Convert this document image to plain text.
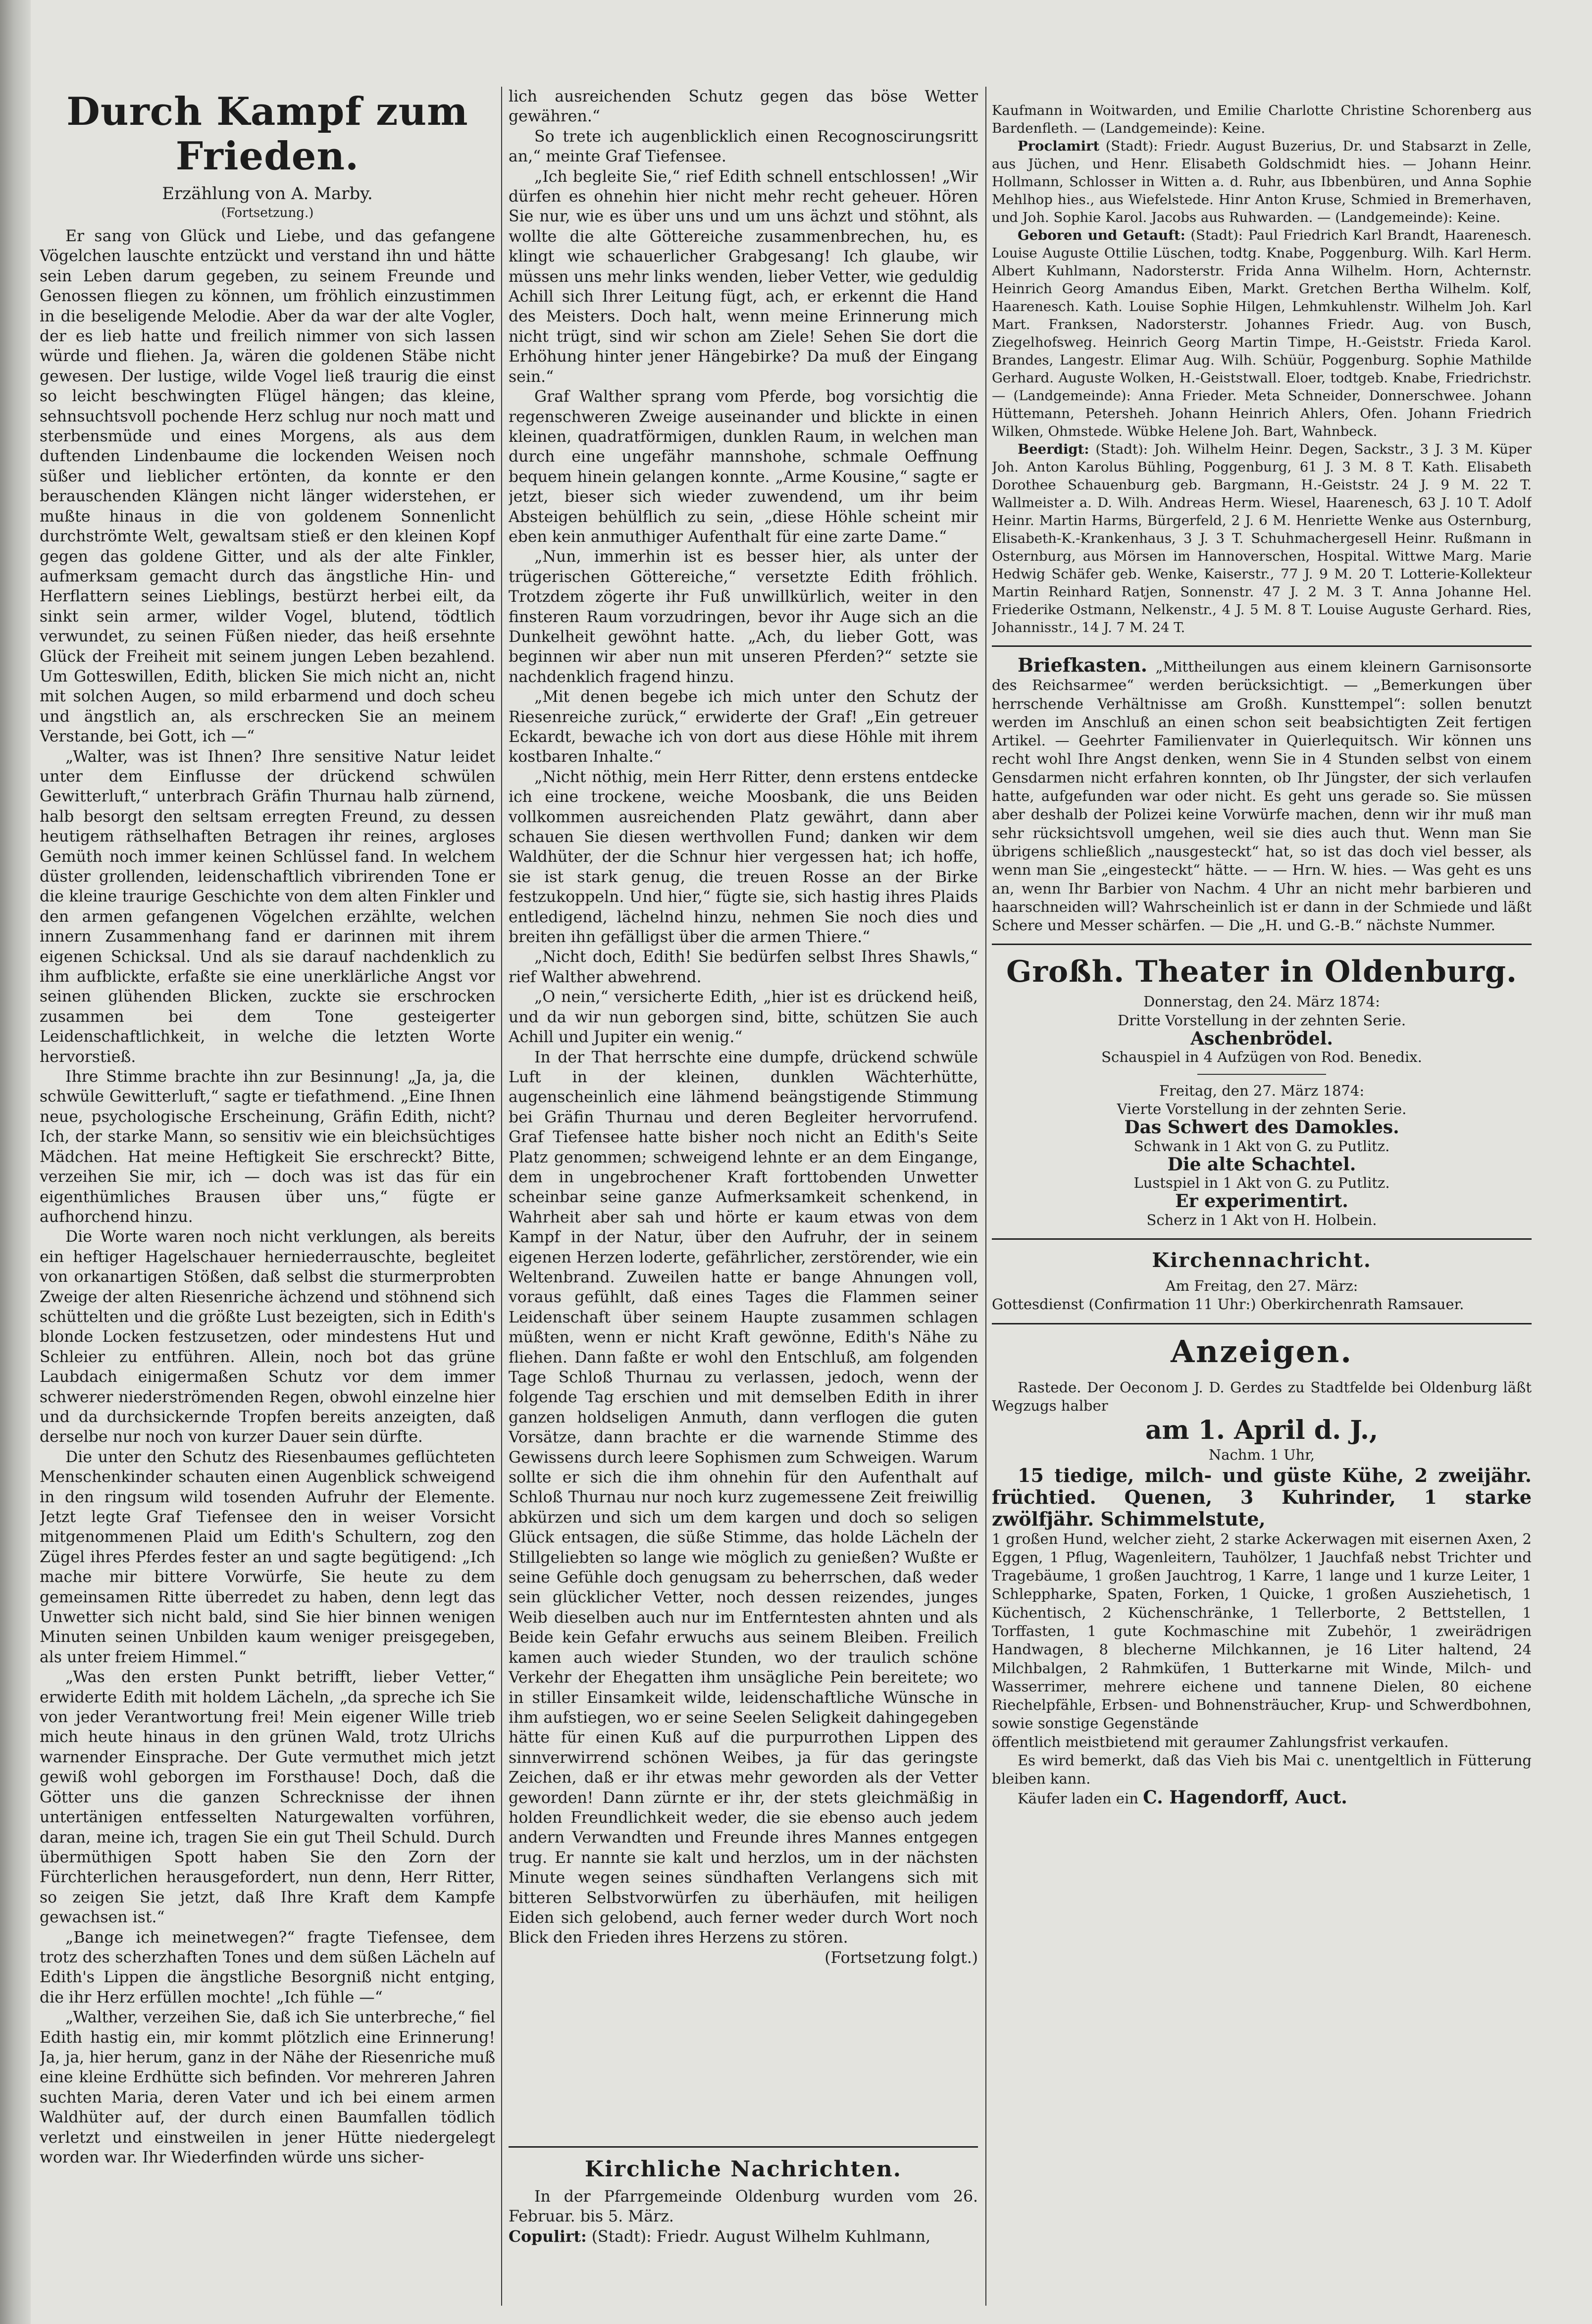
Durch Kampf zum Frieden.
Erzählung von A. Marby.
(Fortsetzung.)

Er sang von Glück und Liebe, und das gefangene Vögelchen lauschte entzückt und verstand ihn und hätte sein Leben darum gegeben, zu seinem Freunde und Genossen fliegen zu können, um fröhlich einzustimmen in die beseligende Melodie. Aber da war der alte Vogler, der es lieb hatte und freilich nimmer von sich lassen würde und fliehen. Ja, wären die goldenen Stäbe nicht gewesen. Der lustige, wilde Vogel ließ traurig die einst so leicht beschwingten Flügel hängen; das kleine, sehnsuchtsvoll pochende Herz schlug nur noch matt und sterbensmüde und eines Morgens, als aus dem duftenden Lindenbaume die lockenden Weisen noch süßer und lieblicher ertönten, da konnte er den berauschenden Klängen nicht länger widerstehen, er mußte hinaus in die von goldenem Sonnenlicht durchströmte Welt, gewaltsam stieß er den kleinen Kopf gegen das goldene Gitter, und als der alte Finkler, aufmerksam gemacht durch das ängstliche Hin- und Herflattern seines Lieblings, bestürzt herbei eilt, da sinkt sein armer, wilder Vogel, blutend, tödtlich verwundet, zu seinen Füßen nieder, das heiß ersehnte Glück der Freiheit mit seinem jungen Leben bezahlend. Um Gotteswillen, Edith, blicken Sie mich nicht an, nicht mit solchen Augen, so mild erbarmend und doch scheu und ängstlich an, als erschrecken Sie an meinem Verstande, bei Gott, ich —“

„Walter, was ist Ihnen? Ihre sensitive Natur leidet unter dem Einflusse der drückend schwülen Gewitterluft,“ unterbrach Gräfin Thurnau halb zürnend, halb besorgt den seltsam erregten Freund, zu dessen heutigem räthselhaften Betragen ihr reines, argloses Gemüth noch immer keinen Schlüssel fand. In welchem düster grollenden, leidenschaftlich vibrirenden Tone er die kleine traurige Geschichte von dem alten Finkler und den armen gefangenen Vögelchen erzählte, welchen innern Zusammenhang fand er darinnen mit ihrem eigenen Schicksal. Und als sie darauf nachdenklich zu ihm aufblickte, erfaßte sie eine unerklärliche Angst vor seinen glühenden Blicken, zuckte sie erschrocken zusammen bei dem Tone gesteigerter Leidenschaftlichkeit, in welche die letzten Worte hervorstieß.

Ihre Stimme brachte ihn zur Besinnung! „Ja, ja, die schwüle Gewitterluft,“ sagte er tiefathmend. „Eine Ihnen neue, psychologische Erscheinung, Gräfin Edith, nicht? Ich, der starke Mann, so sensitiv wie ein bleichsüchtiges Mädchen. Hat meine Heftigkeit Sie erschreckt? Bitte, verzeihen Sie mir, ich — doch was ist das für ein eigenthümliches Brausen über uns,“ fügte er aufhorchend hinzu.

Die Worte waren noch nicht verklungen, als bereits ein heftiger Hagelschauer herniederrauschte, begleitet von orkanartigen Stößen, daß selbst die sturmerprobten Zweige der alten Riesenriche ächzend und stöhnend sich schüttelten und die größte Lust bezeigten, sich in Edith's blonde Locken festzusetzen, oder mindestens Hut und Schleier zu entführen. Allein, noch bot das grüne Laubdach einigermaßen Schutz vor dem immer schwerer niederströmenden Regen, obwohl einzelne hier und da durchsickernde Tropfen bereits anzeigten, daß derselbe nur noch von kurzer Dauer sein dürfte.

Die unter den Schutz des Riesenbaumes geflüchteten Menschenkinder schauten einen Augenblick schweigend in den ringsum wild tosenden Aufruhr der Elemente. Jetzt legte Graf Tiefensee den in weiser Vorsicht mitgenommenen Plaid um Edith's Schultern, zog den Zügel ihres Pferdes fester an und sagte begütigend: „Ich mache mir bittere Vorwürfe, Sie heute zu dem gemeinsamen Ritte überredet zu haben, denn legt das Unwetter sich nicht bald, sind Sie hier binnen wenigen Minuten seinen Unbilden kaum weniger preisgegeben, als unter freiem Himmel.“

„Was den ersten Punkt betrifft, lieber Vetter,“ erwiderte Edith mit holdem Lächeln, „da spreche ich Sie von jeder Verantwortung frei! Mein eigener Wille trieb mich heute hinaus in den grünen Wald, trotz Ulrichs warnender Einsprache. Der Gute vermuthet mich jetzt gewiß wohl geborgen im Forsthause! Doch, daß die Götter uns die ganzen Schrecknisse der ihnen untertänigen entfesselten Naturgewalten vorführen, daran, meine ich, tragen Sie ein gut Theil Schuld. Durch übermüthigen Spott haben Sie den Zorn der Fürchterlichen herausgefordert, nun denn, Herr Ritter, so zeigen Sie jetzt, daß Ihre Kraft dem Kampfe gewachsen ist.“

„Bange ich meinetwegen?“ fragte Tiefensee, dem trotz des scherzhaften Tones und dem süßen Lächeln auf Edith's Lippen die ängstliche Besorgniß nicht entging, die ihr Herz erfüllen mochte! „Ich fühle —“

„Walther, verzeihen Sie, daß ich Sie unterbreche,“ fiel Edith hastig ein, mir kommt plötzlich eine Erinnerung! Ja, ja, hier herum, ganz in der Nähe der Riesenriche muß eine kleine Erdhütte sich befinden. Vor mehreren Jahren suchten Maria, deren Vater und ich bei einem armen Waldhüter auf, der durch einen Baumfallen tödlich verletzt und einstweilen in jener Hütte niedergelegt worden war. Ihr Wiederfinden würde uns sicher-

lich ausreichenden Schutz gegen das böse Wetter gewähren.“

So trete ich augenblicklich einen Recognoscirungsritt an,“ meinte Graf Tiefensee.

„Ich begleite Sie,“ rief Edith schnell entschlossen! „Wir dürfen es ohnehin hier nicht mehr recht geheuer. Hören Sie nur, wie es über uns und um uns ächzt und stöhnt, als wollte die alte Göttereiche zusammenbrechen, hu, es klingt wie schauerlicher Grabgesang! Ich glaube, wir müssen uns mehr links wenden, lieber Vetter, wie geduldig Achill sich Ihrer Leitung fügt, ach, er erkennt die Hand des Meisters. Doch halt, wenn meine Erinnerung mich nicht trügt, sind wir schon am Ziele! Sehen Sie dort die Erhöhung hinter jener Hängebirke? Da muß der Eingang sein.“

Graf Walther sprang vom Pferde, bog vorsichtig die regenschweren Zweige auseinander und blickte in einen kleinen, quadratförmigen, dunklen Raum, in welchen man durch eine ungefähr mannshohe, schmale Oeffnung bequem hinein gelangen konnte. „Arme Kousine,“ sagte er jetzt, bieser sich wieder zuwendend, um ihr beim Absteigen behülflich zu sein, „diese Höhle scheint mir eben kein anmuthiger Aufenthalt für eine zarte Dame.“

„Nun, immerhin ist es besser hier, als unter der trügerischen Göttereiche,“ versetzte Edith fröhlich. Trotzdem zögerte ihr Fuß unwillkürlich, weiter in den finsteren Raum vorzudringen, bevor ihr Auge sich an die Dunkelheit gewöhnt hatte. „Ach, du lieber Gott, was beginnen wir aber nun mit unseren Pferden?“ setzte sie nachdenklich fragend hinzu.

„Mit denen begebe ich mich unter den Schutz der Riesenreiche zurück,“ erwiderte der Graf! „Ein getreuer Eckardt, bewache ich von dort aus diese Höhle mit ihrem kostbaren Inhalte.“

„Nicht nöthig, mein Herr Ritter, denn erstens entdecke ich eine trockene, weiche Moosbank, die uns Beiden vollkommen ausreichenden Platz gewährt, dann aber schauen Sie diesen werthvollen Fund; danken wir dem Waldhüter, der die Schnur hier vergessen hat; ich hoffe, sie ist stark genug, die treuen Rosse an der Birke festzukoppeln. Und hier,“ fügte sie, sich hastig ihres Plaids entledigend, lächelnd hinzu, nehmen Sie noch dies und breiten ihn gefälligst über die armen Thiere.“

„Nicht doch, Edith! Sie bedürfen selbst Ihres Shawls,“ rief Walther abwehrend.

„O nein,“ versicherte Edith, „hier ist es drückend heiß, und da wir nun geborgen sind, bitte, schützen Sie auch Achill und Jupiter ein wenig.“

In der That herrschte eine dumpfe, drückend schwüle Luft in der kleinen, dunklen Wächterhütte, augenscheinlich eine lähmend beängstigende Stimmung bei Gräfin Thurnau und deren Begleiter hervorrufend. Graf Tiefensee hatte bisher noch nicht an Edith's Seite Platz genommen; schweigend lehnte er an dem Eingange, dem in ungebrochener Kraft forttobenden Unwetter scheinbar seine ganze Aufmerksamkeit schenkend, in Wahrheit aber sah und hörte er kaum etwas von dem Kampf in der Natur, über den Aufruhr, der in seinem eigenen Herzen loderte, gefährlicher, zerstörender, wie ein Weltenbrand. Zuweilen hatte er bange Ahnungen voll, voraus gefühlt, daß eines Tages die Flammen seiner Leidenschaft über seinem Haupte zusammen schlagen müßten, wenn er nicht Kraft gewönne, Edith's Nähe zu fliehen. Dann faßte er wohl den Entschluß, am folgenden Tage Schloß Thurnau zu verlassen, jedoch, wenn der folgende Tag erschien und mit demselben Edith in ihrer ganzen holdseligen Anmuth, dann verflogen die guten Vorsätze, dann brachte er die warnende Stimme des Gewissens durch leere Sophismen zum Schweigen. Warum sollte er sich die ihm ohnehin für den Aufenthalt auf Schloß Thurnau nur noch kurz zugemessene Zeit freiwillig abkürzen und sich um dem kargen und doch so seligen Glück entsagen, die süße Stimme, das holde Lächeln der Stillgeliebten so lange wie möglich zu genießen? Wußte er seine Gefühle doch genugsam zu beherrschen, daß weder sein glücklicher Vetter, noch dessen reizendes, junges Weib dieselben auch nur im Entferntesten ahnten und als Beide kein Gefahr erwuchs aus seinem Bleiben. Freilich kamen auch wieder Stunden, wo der traulich schöne Verkehr der Ehegatten ihm unsägliche Pein bereitete; wo in stiller Einsamkeit wilde, leidenschaftliche Wünsche in ihm aufstiegen, wo er seine Seelen Seligkeit dahingegeben hätte für einen Kuß auf die purpurrothen Lippen des sinnverwirrend schönen Weibes, ja für das geringste Zeichen, daß er ihr etwas mehr geworden als der Vetter geworden! Dann zürnte er ihr, der stets gleichmäßig in holden Freundlichkeit weder, die sie ebenso auch jedem andern Verwandten und Freunde ihres Mannes entgegen trug. Er nannte sie kalt und herzlos, um in der nächsten Minute wegen seines sündhaften Verlangens sich mit bitteren Selbstvorwürfen zu überhäufen, mit heiligen Eiden sich gelobend, auch ferner weder durch Wort noch Blick den Frieden ihres Herzens zu stören.

(Fortsetzung folgt.)

Kirchliche Nachrichten.

In der Pfarrgemeinde Oldenburg wurden vom 26. Februar. bis 5. März.

Copulirt: (Stadt): Friedr. August Wilhelm Kuhlmann,

Kaufmann in Woitwarden, und Emilie Charlotte Christine Schorenberg aus Bardenfleth. — (Landgemeinde): Keine.

Proclamirt (Stadt): Friedr. August Buzerius, Dr. und Stabsarzt in Zelle, aus Jüchen, und Henr. Elisabeth Goldschmidt hies. — Johann Heinr. Hollmann, Schlosser in Witten a. d. Ruhr, aus Ibbenbüren, und Anna Sophie Mehlhop hies., aus Wiefelstede. Hinr Anton Kruse, Schmied in Bremerhaven, und Joh. Sophie Karol. Jacobs aus Ruhwarden. — (Landgemeinde): Keine.

Geboren und Getauft: (Stadt): Paul Friedrich Karl Brandt, Haarenesch. Louise Auguste Ottilie Lüschen, todtg. Knabe, Poggenburg. Wilh. Karl Herm. Albert Kuhlmann, Nadorsterstr. Frida Anna Wilhelm. Horn, Achternstr. Heinrich Georg Amandus Eiben, Markt. Gretchen Bertha Wilhelm. Kolf, Haarenesch. Kath. Louise Sophie Hilgen, Lehmkuhlenstr. Wilhelm Joh. Karl Mart. Franksen, Nadorsterstr. Johannes Friedr. Aug. von Busch, Ziegelhofsweg. Heinrich Georg Martin Timpe, H.-Geiststr. Frieda Karol. Brandes, Langestr. Elimar Aug. Wilh. Schüür, Poggenburg. Sophie Mathilde Gerhard. Auguste Wolken, H.-Geiststwall. Eloer, todtgeb. Knabe, Friedrichstr. — (Landgemeinde): Anna Frieder. Meta Schneider, Donnerschwee. Johann Hüttemann, Petersheh. Johann Heinrich Ahlers, Ofen. Johann Friedrich Wilken, Ohmstede. Wübke Helene Joh. Bart, Wahnbeck.

Beerdigt: (Stadt): Joh. Wilhelm Heinr. Degen, Sackstr., 3 J. 3 M. Küper Joh. Anton Karolus Bühling, Poggenburg, 61 J. 3 M. 8 T. Kath. Elisabeth Dorothee Schauenburg geb. Bargmann, H.-Geiststr. 24 J. 9 M. 22 T. Wallmeister a. D. Wilh. Andreas Herm. Wiesel, Haarenesch, 63 J. 10 T. Adolf Heinr. Martin Harms, Bürgerfeld, 2 J. 6 M. Henriette Wenke aus Osternburg, Elisabeth-K.-Krankenhaus, 3 J. 3 T. Schuhmachergesell Heinr. Rußmann in Osternburg, aus Mörsen im Hannoverschen, Hospital. Wittwe Marg. Marie Hedwig Schäfer geb. Wenke, Kaiserstr., 77 J. 9 M. 20 T. Lotterie-Kollekteur Martin Reinhard Ratjen, Sonnenstr. 47 J. 2 M. 3 T. Anna Johanne Hel. Friederike Ostmann, Nelkenstr., 4 J. 5 M. 8 T. Louise Auguste Gerhard. Ries, Johannisstr., 14 J. 7 M. 24 T.

Briefkasten. „Mittheilungen aus einem kleinern Garnisonsorte des Reichsarmee“ werden berücksichtigt. — „Bemerkungen über herrschende Verhältnisse am Großh. Kunsttempel“: sollen benutzt werden im Anschluß an einen schon seit beabsichtigten Zeit fertigen Artikel. — Geehrter Familienvater in Quierlequitsch. Wir können uns recht wohl Ihre Angst denken, wenn Sie in 4 Stunden selbst von einem Gensdarmen nicht erfahren konnten, ob Ihr Jüngster, der sich verlaufen hatte, aufgefunden war oder nicht. Es geht uns gerade so. Sie müssen aber deshalb der Polizei keine Vorwürfe machen, denn wir ihr muß man sehr rücksichtsvoll umgehen, weil sie dies auch thut. Wenn man Sie übrigens schließlich „nausgesteckt“ hat, so ist das doch viel besser, als wenn man Sie „eingesteckt“ hätte. — — Hrn. W. hies. — Was geht es uns an, wenn Ihr Barbier von Nachm. 4 Uhr an nicht mehr barbieren und haarschneiden will? Wahrscheinlich ist er dann in der Schmiede und läßt Schere und Messer schärfen. — Die „H. und G.-B.“ nächste Nummer.

Großh. Theater in Oldenburg.
Donnerstag, den 24. März 1874:
Dritte Vorstellung in der zehnten Serie.
Aschenbrödel.
Schauspiel in 4 Aufzügen von Rod. Benedix.
Freitag, den 27. März 1874:
Vierte Vorstellung in der zehnten Serie.
Das Schwert des Damokles.
Schwank in 1 Akt von G. zu Putlitz.
Die alte Schachtel.
Lustspiel in 1 Akt von G. zu Putlitz.
Er experimentirt.
Scherz in 1 Akt von H. Holbein.
Kirchennachricht.
Am Freitag, den 27. März:
Gottesdienst (Confirmation 11 Uhr:) Oberkirchenrath Ramsauer.
Anzeigen.

Rastede. Der Oeconom J. D. Gerdes zu Stadtfelde bei Oldenburg läßt Wegzugs halber

am 1. April d. J.,
Nachm. 1 Uhr,
15 tiedige, milch- und güste Kühe, 2 zweijähr. früchtied. Quenen, 3 Kuhrinder, 1 starke zwölfjähr. Schimmelstute,

1 großen Hund, welcher zieht, 2 starke Ackerwagen mit eisernen Axen, 2 Eggen, 1 Pflug, Wagenleitern, Tauhölzer, 1 Jauchfaß nebst Trichter und Tragebäume, 1 großen Jauchtrog, 1 Karre, 1 lange und 1 kurze Leiter, 1 Schleppharke, Spaten, Forken, 1 Quicke, 1 großen Ausziehetisch, 1 Küchentisch, 2 Küchenschränke, 1 Tellerborte, 2 Bettstellen, 1 Torffasten, 1 gute Kochmaschine mit Zubehör, 1 zweirädrigen Handwagen, 8 blecherne Milchkannen, je 16 Liter haltend, 24 Milchbalgen, 2 Rahmküfen, 1 Butterkarne mit Winde, Milch- und Wasserrimer, mehrere eichene und tannene Dielen, 80 eichene Riechelpfähle, Erbsen- und Bohnensträucher, Krup- und Schwerdbohnen, sowie sonstige Gegenstände

öffentlich meistbietend mit geraumer Zahlungsfrist verkaufen.

Es wird bemerkt, daß das Vieh bis Mai c. unentgeltlich in Fütterung bleiben kann.

Käufer laden ein C. Hagendorff, Auct.
